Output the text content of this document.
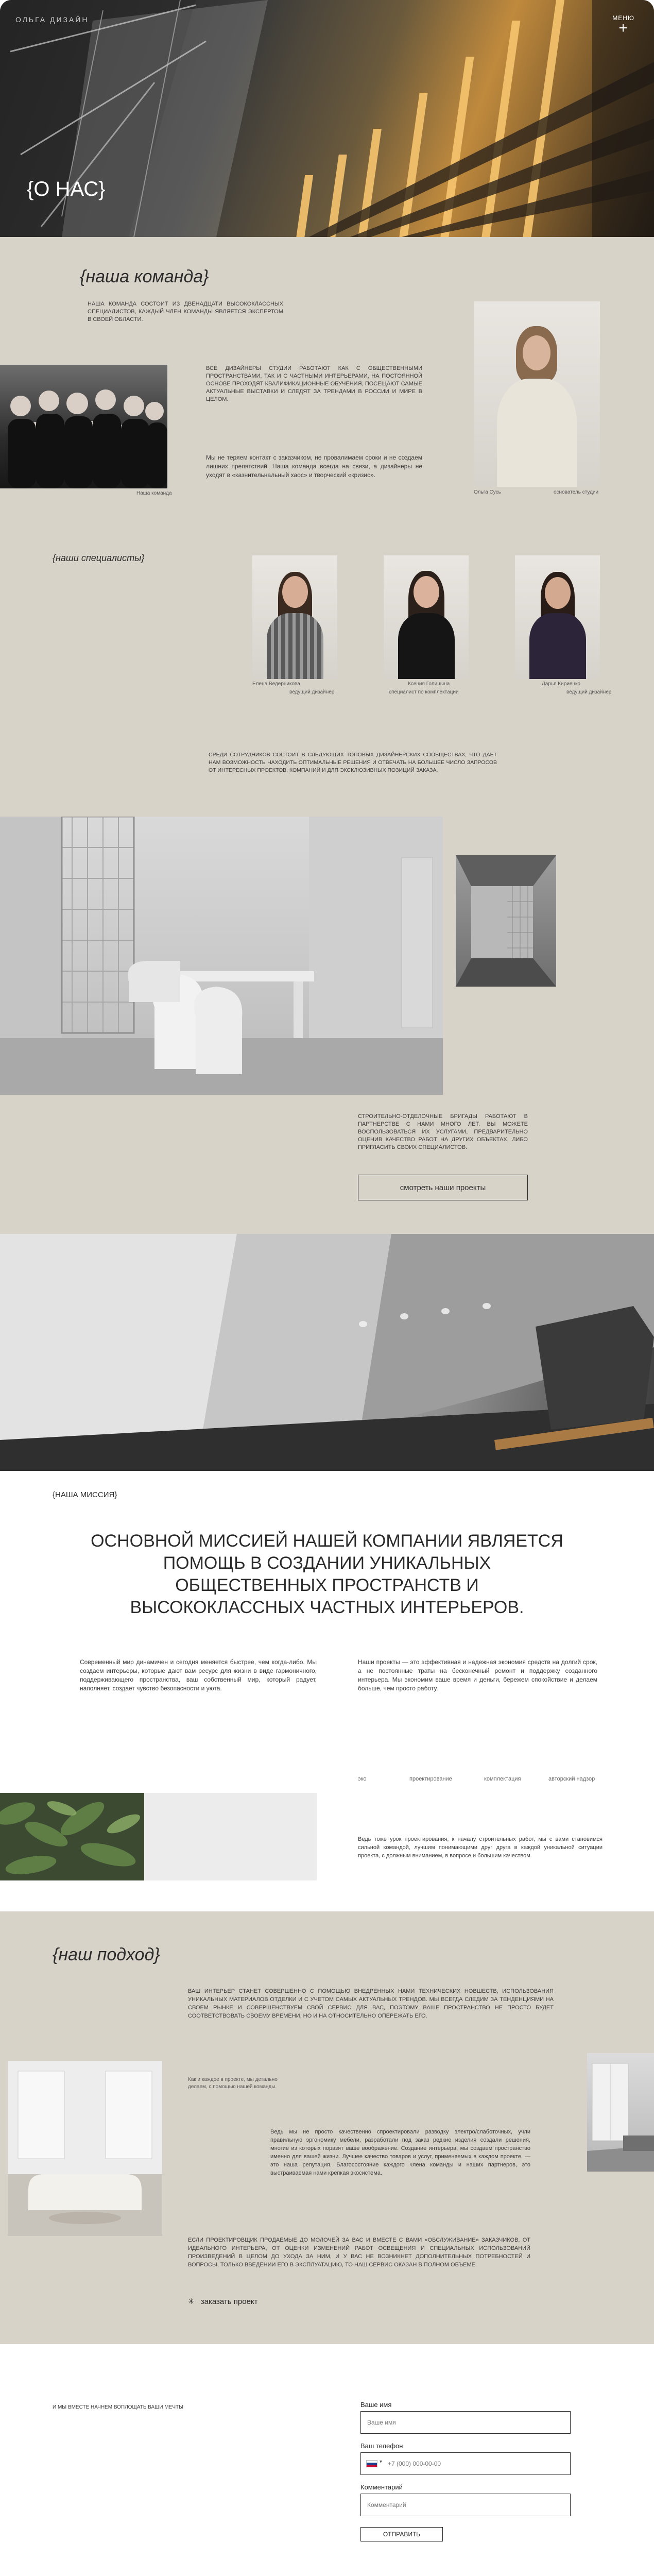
ОЛЬГА ДИЗАЙН	МЕНЮ
+
{О НАС}
{наша команда}
НАША КОМАНДА СОСТОИТ ИЗ ДВЕНАДЦАТИ ВЫСОКОКЛАССНЫХ СПЕЦИАЛИСТОВ, КАЖДЫЙ ЧЛЕН КОМАНДЫ ЯВЛЯЕТСЯ ЭКСПЕРТОМ В СВОЕЙ ОБЛАСТИ.
Наша команда
ВСЕ ДИЗАЙНЕРЫ СТУДИИ РАБОТАЮТ КАК С ОБЩЕСТВЕННЫМИ ПРОСТРАНСТВАМИ, ТАК И С ЧАСТНЫМИ ИНТЕРЬЕРАМИ, НА ПОСТОЯННОЙ ОСНОВЕ ПРОХОДЯТ КВАЛИФИКАЦИОННЫЕ ОБУЧЕНИЯ, ПОСЕЩАЮТ САМЫЕ АКТУАЛЬНЫЕ ВЫСТАВКИ И СЛЕДЯТ ЗА ТРЕНДАМИ В РОССИИ И МИРЕ В ЦЕЛОМ.
Мы не теряем контакт с заказчиком, не провалимаем сроки и не создаем лишних препятствий. Наша команда всегда на связи, а дизайнеры не уходят в «казнительнальный хаос» и творческий «кризис».
Ольга Сусь	основатель студии
{наши специалисты}
Елена Ведерникова
ведущий дизайнер
Ксения Голицына
специалист по комплектации
Дарья Кириенко
ведущий дизайнер
СРЕДИ СОТРУДНИКОВ СОСТОИТ В СЛЕДУЮЩИХ ТОПОВЫХ ДИЗАЙНЕРСКИХ СООБЩЕСТВАХ, ЧТО ДАЕТ НАМ ВОЗМОЖНОСТЬ НАХОДИТЬ ОПТИМАЛЬНЫЕ РЕШЕНИЯ И ОТВЕЧАТЬ НА БОЛЬШЕЕ ЧИСЛО ЗАПРОСОВ ОТ ИНТЕРЕСНЫХ ПРОЕКТОВ, КОМПАНИЙ И ДЛЯ ЭКСКЛЮЗИВНЫХ ПОЗИЦИЙ ЗАКАЗА.
СТРОИТЕЛЬНО-ОТДЕЛОЧНЫЕ БРИГАДЫ РАБОТАЮТ В ПАРТНЕРСТВЕ С НАМИ МНОГО ЛЕТ. ВЫ МОЖЕТЕ ВОСПОЛЬЗОВАТЬСЯ ИХ УСЛУГАМИ, ПРЕДВАРИТЕЛЬНО ОЦЕНИВ КАЧЕСТВО РАБОТ НА ДРУГИХ ОБЪЕКТАХ, ЛИБО ПРИГЛАСИТЬ СВОИХ СПЕЦИАЛИСТОВ.
смотреть наши проекты
{НАША МИССИЯ}
ОСНОВНОЙ МИССИЕЙ НАШЕЙ КОМПАНИИ ЯВЛЯЕТСЯ ПОМОЩЬ В СОЗДАНИИ УНИКАЛЬНЫХ ОБЩЕСТВЕННЫХ ПРОСТРАНСТВ И ВЫСОКОКЛАССНЫХ ЧАСТНЫХ ИНТЕРЬЕРОВ.
Современный мир динамичен и сегодня меняется быстрее, чем когда-либо. Мы создаем интерьеры, которые дают вам ресурс для жизни в виде гармоничного, поддерживающего пространства, ваш собственный мир, который радует, наполняет, создает чувство безопасности и уюта.
Наши проекты — это эффективная и надежная экономия средств на долгий срок, а не постоянные траты на бесконечный ремонт и поддержку созданного интерьера. Мы экономим ваше время и деньги, бережем спокойствие и делаем больше, чем просто работу.
эко	проектирование	комплектация	авторский надзор
Ведь тоже урок проектирования, к началу строительных работ, мы с вами становимся сильной командой, лучшим понимающими друг друга в каждой уникальной ситуации проекта, с должным вниманием, в вопросе и большим качеством.
{наш подход}
ВАШ ИНТЕРЬЕР СТАНЕТ СОВЕРШЕННО С ПОМОЩЬЮ ВНЕДРЕННЫХ НАМИ ТЕХНИЧЕСКИХ НОВШЕСТВ, ИСПОЛЬЗОВАНИЯ УНИКАЛЬНЫХ МАТЕРИАЛОВ ОТДЕЛКИ И С УЧЕТОМ САМЫХ АКТУАЛЬНЫХ ТРЕНДОВ. МЫ ВСЕГДА СЛЕДИМ ЗА ТЕНДЕНЦИЯМИ НА СВОЕМ РЫНКЕ И СОВЕРШЕНСТВУЕМ СВОЙ СЕРВИС ДЛЯ ВАС, ПОЭТОМУ ВАШЕ ПРОСТРАНСТВО НЕ ПРОСТО БУДЕТ СООТВЕТСТВОВАТЬ СВОЕМУ ВРЕМЕНИ, НО И НА ОТНОСИТЕЛЬНО ОПЕРЕЖАТЬ ЕГО.
Как и каждое в проекте, мы детально делаем, с помощью нашей команды.
Ведь мы не просто качественно спроектировали разводку электро/слаботочных, учли правильную эргономику мебели, разработали под заказ редкие изделия создали решения, многие из которых поразят ваше воображение. Создание интерьера, мы создаем пространство именно для вашей жизни. Лучшее качество товаров и услуг, применяемых в каждом проекте, — это наша репутация. Благосостояние каждого члена команды и наших партнеров, это выстраиваемая нами крепкая экосистема.
ЕСЛИ ПРОЕКТИРОВЩИК ПРОДАЕМЫЕ ДО МОЛОЧЕЙ ЗА ВАС И ВМЕСТЕ С ВАМИ «ОБСЛУЖИВАНИЕ» ЗАКАЗЧИКОВ, ОТ ИДЕАЛЬНОГО ИНТЕРЬЕРА, ОТ ОЦЕНКИ ИЗМЕНЕНИЙ РАБОТ ОСВЕЩЕНИЯ И СПЕЦИАЛЬНЫХ ИСПОЛЬЗОВАНИЙ ПРОИЗВЕДЕНИЙ В ЦЕЛОМ ДО УХОДА ЗА НИМ, И У ВАС НЕ ВОЗНИКНЕТ ДОПОЛНИТЕЛЬНЫХ ПОТРЕБНОСТЕЙ И ВОПРОСЫ, ТОЛЬКО ВВЕДЕНИИ ЕГО В ЭКСПЛУАТАЦИЮ, ТО НАШ СЕРВИС ОКАЗАН В ПОЛНОМ ОБЪЕМЕ.
✳ заказать проект
И МЫ ВМЕСТЕ НАЧНЕМ ВОПЛОЩАТЬ ВАШИ МЕЧТЫ	Ваше имя
Ваше имя
Ваш телефон
▾
+7 (000) 000-00-00
Комментарий
Комментарий
ОТПРАВИТЬ
